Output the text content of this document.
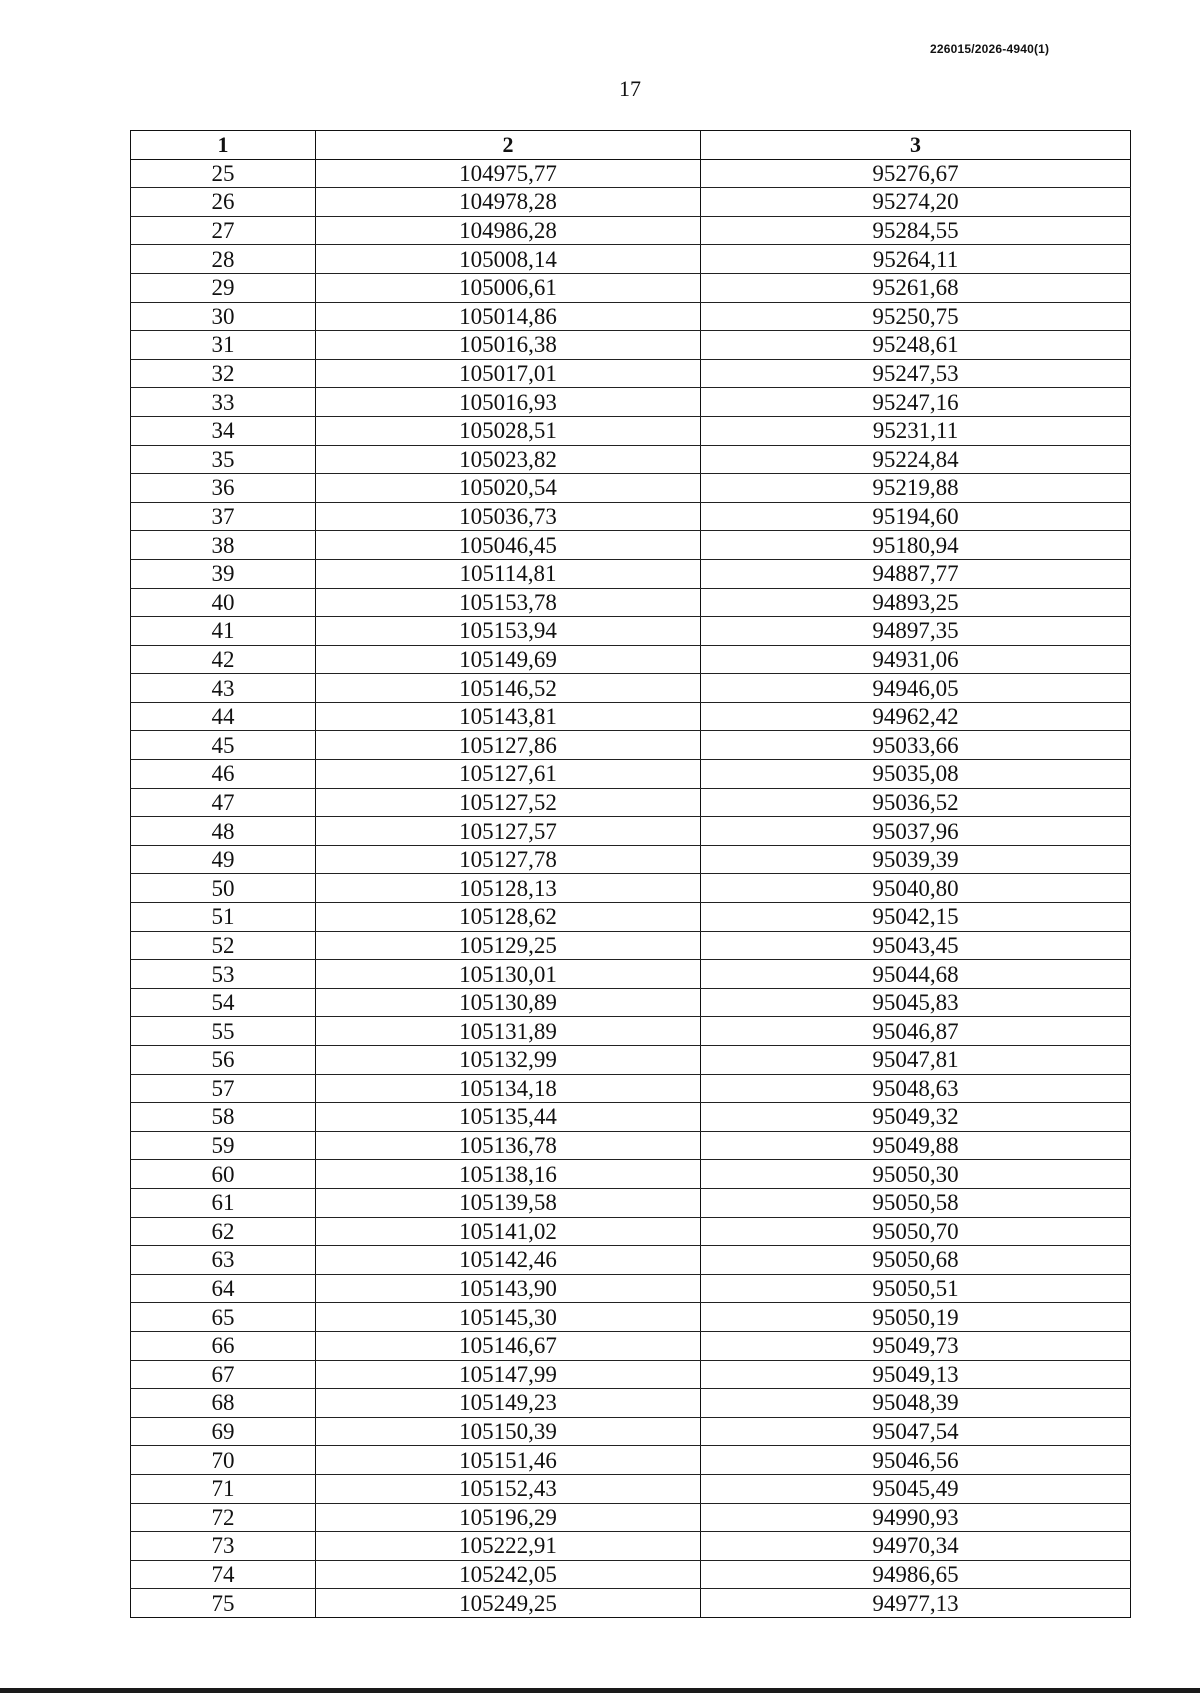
226015/2026-4940(1)
17
1	2	3
25	104975,77	95276,67
26	104978,28	95274,20
27	104986,28	95284,55
28	105008,14	95264,11
29	105006,61	95261,68
30	105014,86	95250,75
31	105016,38	95248,61
32	105017,01	95247,53
33	105016,93	95247,16
34	105028,51	95231,11
35	105023,82	95224,84
36	105020,54	95219,88
37	105036,73	95194,60
38	105046,45	95180,94
39	105114,81	94887,77
40	105153,78	94893,25
41	105153,94	94897,35
42	105149,69	94931,06
43	105146,52	94946,05
44	105143,81	94962,42
45	105127,86	95033,66
46	105127,61	95035,08
47	105127,52	95036,52
48	105127,57	95037,96
49	105127,78	95039,39
50	105128,13	95040,80
51	105128,62	95042,15
52	105129,25	95043,45
53	105130,01	95044,68
54	105130,89	95045,83
55	105131,89	95046,87
56	105132,99	95047,81
57	105134,18	95048,63
58	105135,44	95049,32
59	105136,78	95049,88
60	105138,16	95050,30
61	105139,58	95050,58
62	105141,02	95050,70
63	105142,46	95050,68
64	105143,90	95050,51
65	105145,30	95050,19
66	105146,67	95049,73
67	105147,99	95049,13
68	105149,23	95048,39
69	105150,39	95047,54
70	105151,46	95046,56
71	105152,43	95045,49
72	105196,29	94990,93
73	105222,91	94970,34
74	105242,05	94986,65
75	105249,25	94977,13
